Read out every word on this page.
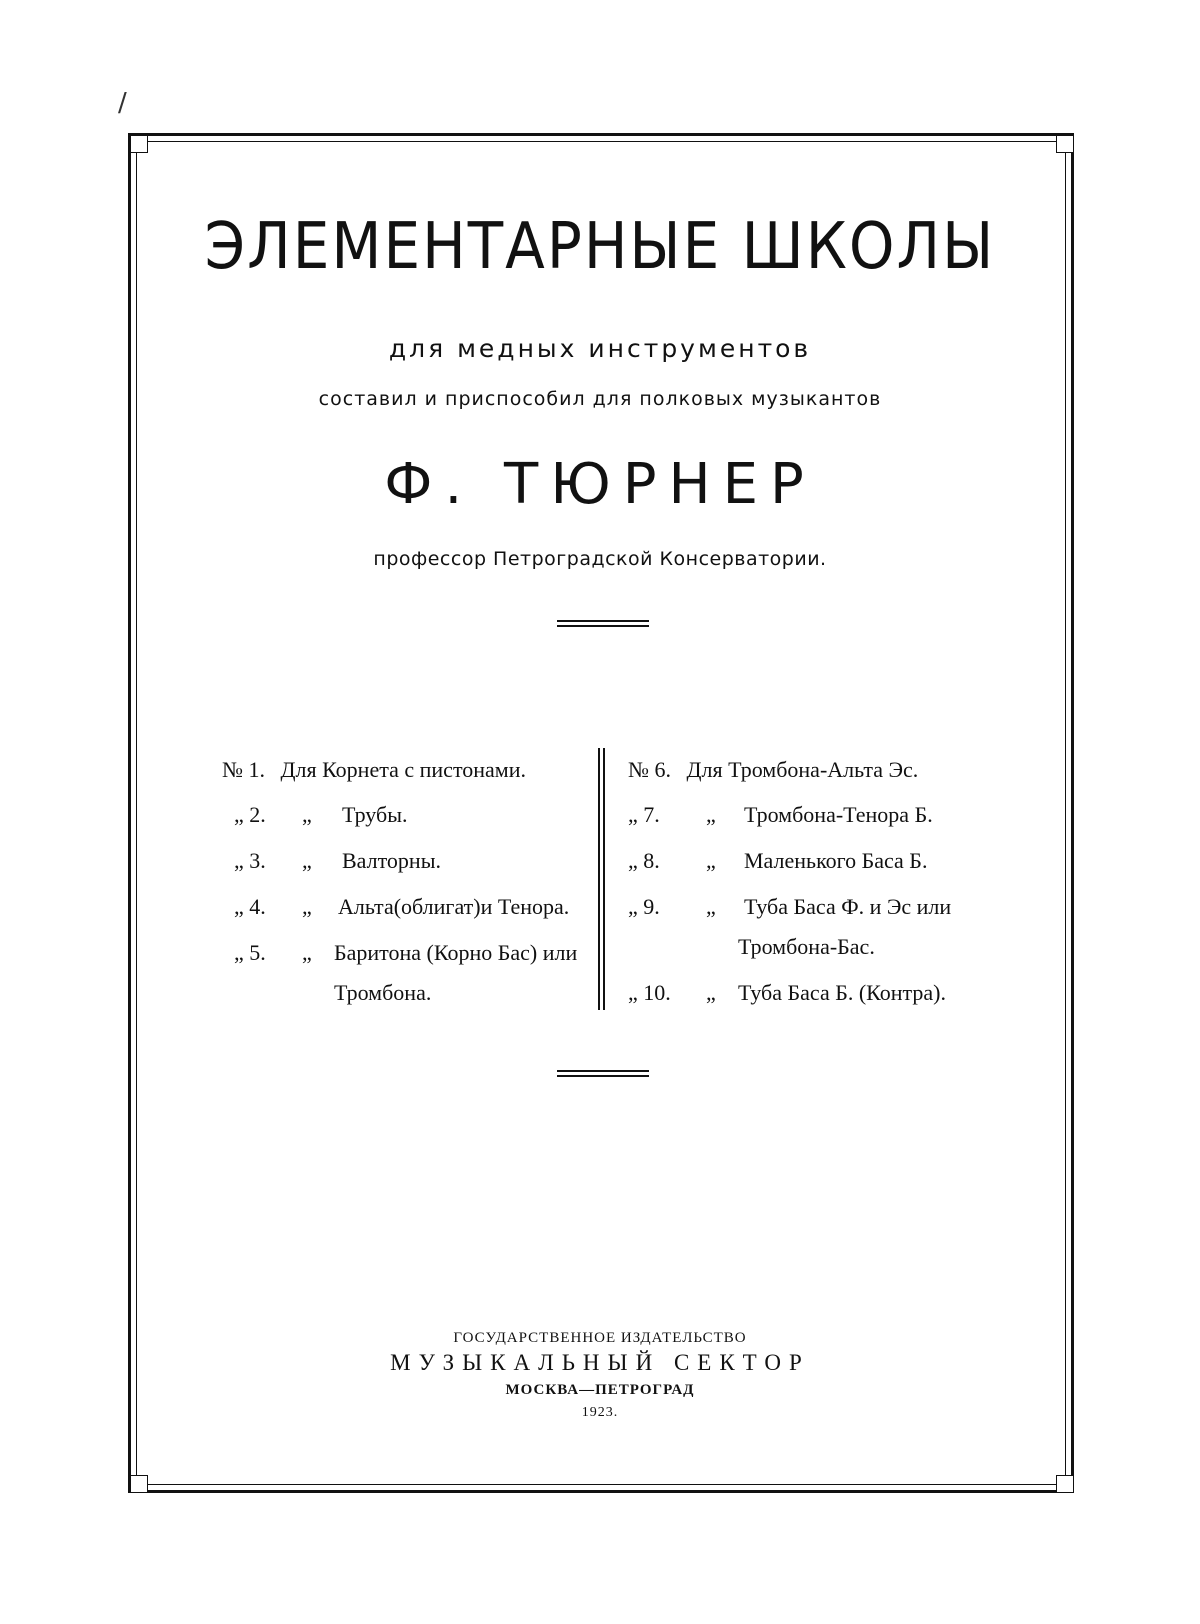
/
ЭЛЕМЕНТАРНЫЕ ШКОЛЫ
для медных инструментов
составил и приспособил для полковых музыкантов
Ф. ТЮРНЕР
профессор Петроградской Консерватории.
№ 1. Для Корнета с пистонами.
„ 2. „ Трубы.
„ 3. „ Валторны.
„ 4. „ Альта(облигат)и Тенора.
„ 5. „ Баритона (Корно Бас) или
Тромбона.
№ 6. Для Тромбона-Альта Эс.
„ 7. „ Тромбона-Тенора Б.
„ 8. „ Маленького Баса Б.
„ 9. „ Туба Баса Ф. и Эс или
Тромбона-Бас.
„ 10. „ Туба Баса Б. (Контра).
ГОСУДАРСТВЕННОЕ ИЗДАТЕЛЬСТВО
МУЗЫКАЛЬНЫЙ СЕКТОР
МОСКВА—ПЕТРОГРАД
1923.
